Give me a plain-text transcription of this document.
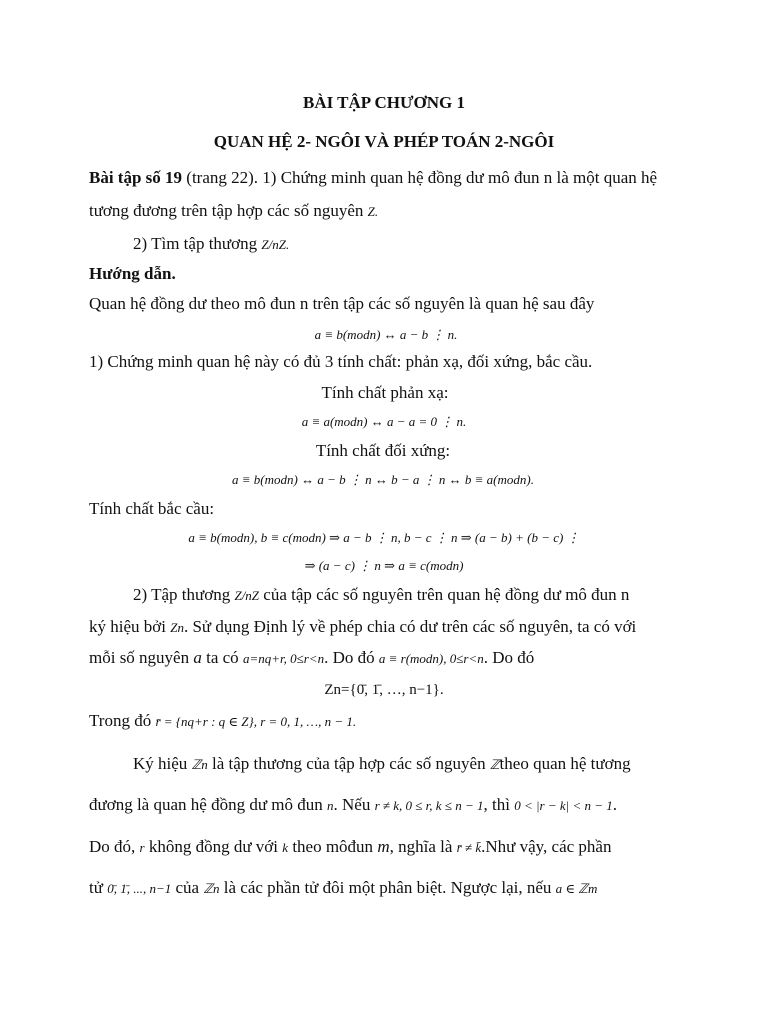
BÀI TẬP CHƯƠNG 1
QUAN HỆ 2- NGÔI VÀ PHÉP TOÁN 2-NGÔI
Bài tập số 19 (trang 22). 1) Chứng minh quan hệ đồng dư mô đun n là một quan hệ
tương đương trên tập hợp các số nguyên Z.
2) Tìm tập thương Z/nZ.
Hướng dẫn.
Quan hệ đồng dư theo mô đun n trên tập các số nguyên là quan hệ sau đây
a ≡ b(modn) ↔ a − b ⋮ n.
1) Chứng minh quan hệ này có đủ 3 tính chất: phản xạ, đối xứng, bắc cầu.
Tính chất phản xạ:
a ≡ a(modn) ↔ a − a = 0 ⋮ n.
Tính chất đối xứng:
a ≡ b(modn) ↔ a − b ⋮ n ↔ b − a ⋮ n ↔ b ≡ a(modn).
Tính chất bắc cầu:
a ≡ b(modn), b ≡ c(modn) ⇒ a − b ⋮ n, b − c ⋮ n ⇒ (a − b) + (b − c) ⋮
⇒ (a − c) ⋮ n ⇒ a ≡ c(modn)
2) Tập thương Z/nZ của tập các số nguyên trên quan hệ đồng dư mô đun n
ký hiệu bởi Zn. Sử dụng Định lý về phép chia có dư trên các số nguyên, ta có với
mỗi số nguyên a ta có a=nq+r, 0≤r<n. Do đó a ≡ r(modn), 0≤r<n. Do đó
Zn={0̄, 1̄, …, n−1}.
Trong đó r̄ = {nq+r : q ∈ Z}, r = 0, 1, …, n − 1.
Ký hiệu ℤn là tập thương của tập hợp các số nguyên ℤtheo quan hệ tương
đương là quan hệ đồng dư mô đun n. Nếu r ≠ k, 0 ≤ r, k ≤ n − 1, thì 0 < |r − k| < n − 1.
Do đó, r không đồng dư với k theo môđun m, nghĩa là r̄ ≠ k̄.Như vậy, các phần
tử 0̄, 1̄, ..., n−1 của ℤn là các phần tử đôi một phân biệt. Ngược lại, nếu a ∈ ℤm
